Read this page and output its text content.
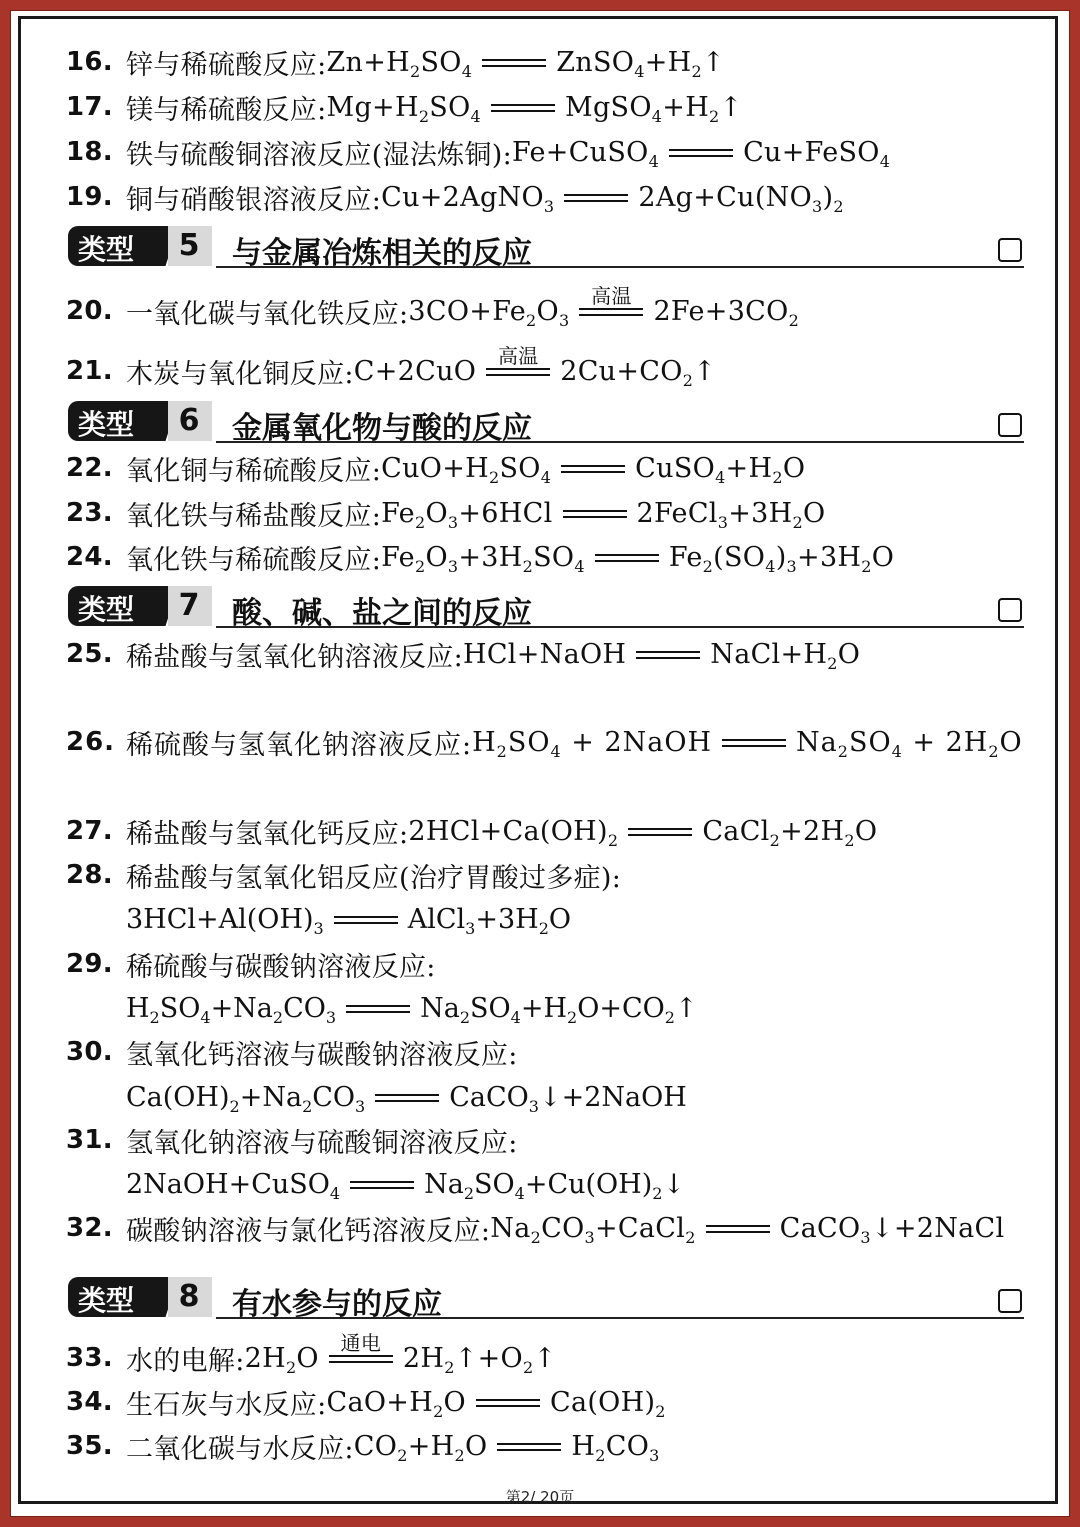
16. 锌与稀硫酸反应: $Zn+H_2SO_4$	$ZnSO_4+H_2↑$
17. 镁与稀硫酸反应: $Mg+H_2SO_4$	$MgSO_4+H_2↑$
18. 铁与硫酸铜溶液反应(湿法炼铜): Fe+CuSO$_4$	Cu+FeSO$_4$
19. 铜与硝酸银溶液反应: Cu+2AgNO$_3$	$2Ag+Cu(NO_3)_2$
类型 5 与金属冶炼相关的反应
20. 一氧化碳与氧化铁反应: $3CO+Fe_2O_3$
高温 $2Fe+3CO_2$
21. 木炭与氧化铜反应: C+2CuO	高温 $2Cu+CO_2↑$
类型 6 金属氧化物与酸的反应
22. 氧化铜与稀硫酸反应: $CuO+H_2SO_4$	$CuSO_4+H_2O$
23. 氧化铁与稀盐酸反应: $Fe_2O_3+6HCl$	$2FeCl_3+3H_2O$
24. 氧化铁与稀硫酸反应: $Fe_2O_3+3H_2SO_4$	$Fe_2(SO_4)_3+3H_2O$
类型 7 酸、碱、盐之间的反应
25. 稀盐酸与氢氧化钠溶液反应: HCl+NaOH	$NaCl+H_2O$
26. 稀硫酸与氢氧化钠溶液反应: $H_2SO_4$ + 2NaOH	$Na_2SO_4 + 2H_2O$
27. 稀盐酸与氢氧化钙反应: $2HCl+Ca(OH)_2$	$CaCl_2+2H_2O$
28. 稀盐酸与氢氧化铝反应(治疗胃酸过多症):
$3HCl+Al(OH)_3$	$AlCl_3+3H_2O$
29. 稀硫酸与碳酸钠溶液反应:
$H_2SO_4+Na_2CO_3$	$Na_2SO_4+H_2O+CO_2↑$
30. 氢氧化钙溶液与碳酸钠溶液反应:
$Ca(OH)_2+Na_2CO_3$	CaCO$_3$↓+2NaOH
31. 氢氧化钠溶液与硫酸铜溶液反应:
2NaOH+CuSO$_4$	$Na_2SO_4+Cu(OH)_2↓$
32. 碳酸钠溶液与氯化钙溶液反应: $Na_2CO_3+CaCl_2$	CaCO$_3$↓+2NaCl
类型 8 有水参与的反应
33. 水的电解: $2H_2O$	通电 $2H_2↑+O_2↑$
34. 生石灰与水反应: $CaO+H_2O$	$Ca(OH)_2$
35. 二氧化碳与水反应: $CO_2+H_2O$	$H_2CO_3$
第2/ 20页
